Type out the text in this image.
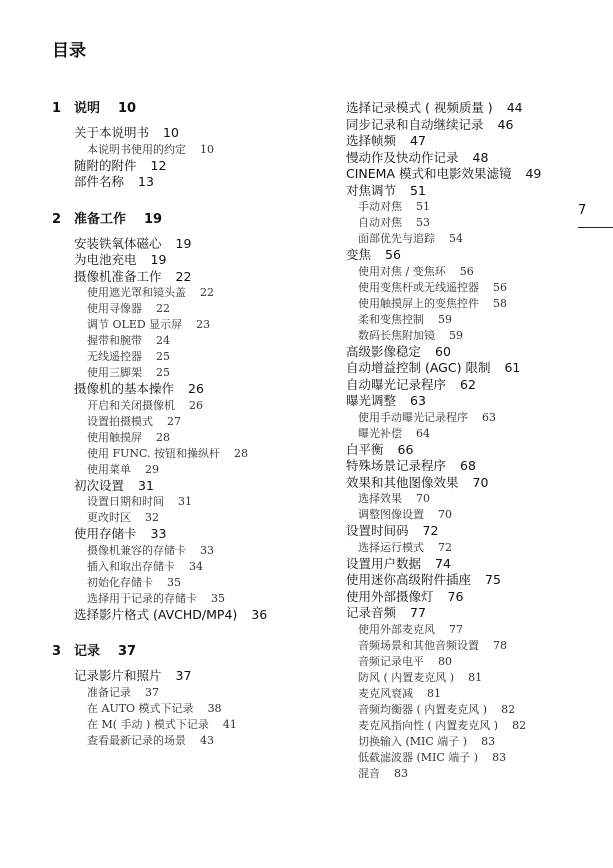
目录
7
1 说明 10
关于本说明书 10
本说明书使用的约定 10
随附的附件 12
部件名称 13
2 准备工作 19
安装铁氧体磁心 19
为电池充电 19
摄像机准备工作 22
使用遮光罩和镜头盖 22
使用寻像器 22
调节 OLED 显示屏 23
握带和腕带 24
无线遥控器 25
使用三脚架 25
摄像机的基本操作 26
开启和关闭摄像机 26
设置拍摄模式 27
使用触摸屏 28
使用 FUNC. 按钮和操纵杆 28
使用菜单 29
初次设置 31
设置日期和时间 31
更改时区 32
使用存储卡 33
摄像机兼容的存储卡 33
插入和取出存储卡 34
初始化存储卡 35
选择用于记录的存储卡 35
选择影片格式 (AVCHD/MP4) 36
3 记录 37
记录影片和照片 37
准备记录 37
在 AUTO 模式下记录 38
在 M( 手动 ) 模式下记录 41
查看最新记录的场景 43
选择记录模式 ( 视频质量 ) 44
同步记录和自动继续记录 46
选择帧频 47
慢动作及快动作记录 48
CINEMA 模式和电影效果滤镜 49
对焦调节 51
手动对焦 51
自动对焦 53
面部优先与追踪 54
变焦 56
使用对焦 / 变焦环 56
使用变焦杆或无线遥控器 56
使用触摸屏上的变焦控件 58
柔和变焦控制 59
数码长焦附加镜 59
高级影像稳定 60
自动增益控制 (AGC) 限制 61
自动曝光记录程序 62
曝光调整 63
使用手动曝光记录程序 63
曝光补偿 64
白平衡 66
特殊场景记录程序 68
效果和其他图像效果 70
选择效果 70
调整图像设置 70
设置时间码 72
选择运行模式 72
设置用户数据 74
使用迷你高级附件插座 75
使用外部摄像灯 76
记录音频 77
使用外部麦克风 77
音频场景和其他音频设置 78
音频记录电平 80
防风 ( 内置麦克风 ) 81
麦克风衰减 81
音频均衡器 ( 内置麦克风 ) 82
麦克风指向性 ( 内置麦克风 ) 82
切换输入 (MIC 端子 ) 83
低截滤波器 (MIC 端子 ) 83
混音 83
